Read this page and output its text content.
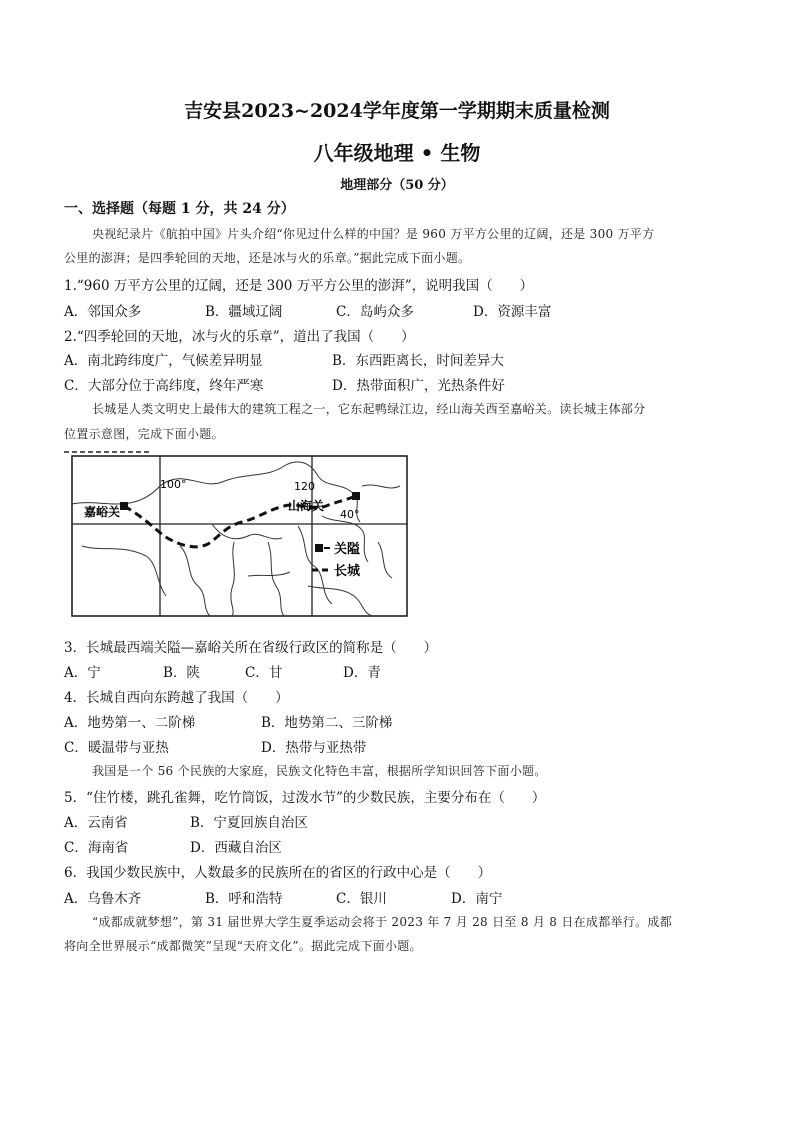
吉安县2023~2024学年度第一学期期末质量检测
八年级地理 • 生物
地理部分（50 分）
一、选择题（每题 1 分，共 24 分）
央视纪录片《航拍中国》片头介绍“你见过什么样的中国？是 960 万平方公里的辽阔，还是 300 万平方
公里的澎湃；是四季轮回的天地，还是冰与火的乐章。”据此完成下面小题。
1.“960 万平方公里的辽阔，还是 300 万平方公里的澎湃”，说明我国（　　）
A．邻国众多	B．疆域辽阔	C．岛屿众多	D．资源丰富
2.“四季轮回的天地，冰与火的乐章”，道出了我国（　　）
A．南北跨纬度广，气候差异明显	B．东西距离长，时间差异大
C．大部分位于高纬度，终年严寒	D．热带面积广，光热条件好
长城是人类文明史上最伟大的建筑工程之一，它东起鸭绿江边，经山海关西至嘉峪关。读长城主体部分
位置示意图，完成下面小题。
100°	120
40°
嘉峪关	山海关
关隘
长城
3．长城最西端关隘—嘉峪关所在省级行政区的简称是（　　）
A．宁	B．陕	C．甘	D．青
4．长城自西向东跨越了我国（　　）
A．地势第一、二阶梯	B．地势第二、三阶梯
C．暖温带与亚热	D．热带与亚热带
我国是一个 56 个民族的大家庭，民族文化特色丰富，根据所学知识回答下面小题。
5．“住竹楼，跳孔雀舞，吃竹筒饭，过泼水节”的少数民族，主要分布在（　　）
A．云南省	B．宁夏回族自治区
C．海南省	D．西藏自治区
6．我国少数民族中，人数最多的民族所在的省区的行政中心是（　　）
A．乌鲁木齐	B．呼和浩特	C．银川	D．南宁
“成都成就梦想”，第 31 届世界大学生夏季运动会将于 2023 年 7 月 28 日至 8 月 8 日在成都举行。成都
将向全世界展示“成都微笑”呈现“天府文化”。据此完成下面小题。
